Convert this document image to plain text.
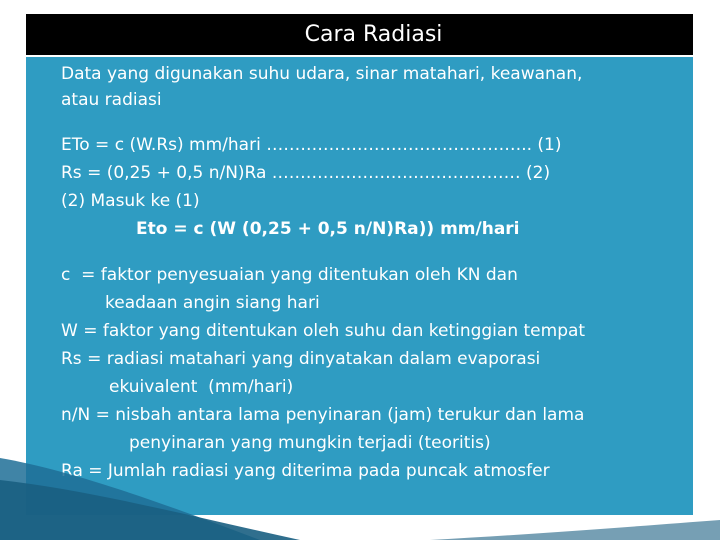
Cara Radiasi
Data yang digunakan suhu udara, sinar matahari, keawanan,
atau radiasi
ETo = c (W.Rs) mm/hari ……………………………………….. (1)
Rs = (0,25 + 0,5 n/N)Ra ……………………..……………… (2)
(2) Masuk ke (1)
Eto = c (W (0,25 + 0,5 n/N)Ra)) mm/hari
c  = faktor penyesuaian yang ditentukan oleh KN dan
keadaan angin siang hari
W = faktor yang ditentukan oleh suhu dan ketinggian tempat
Rs = radiasi matahari yang dinyatakan dalam evaporasi
ekuivalent  (mm/hari)
n/N = nisbah antara lama penyinaran (jam) terukur dan lama
penyinaran yang mungkin terjadi (teoritis)
Ra = Jumlah radiasi yang diterima pada puncak atmosfer
